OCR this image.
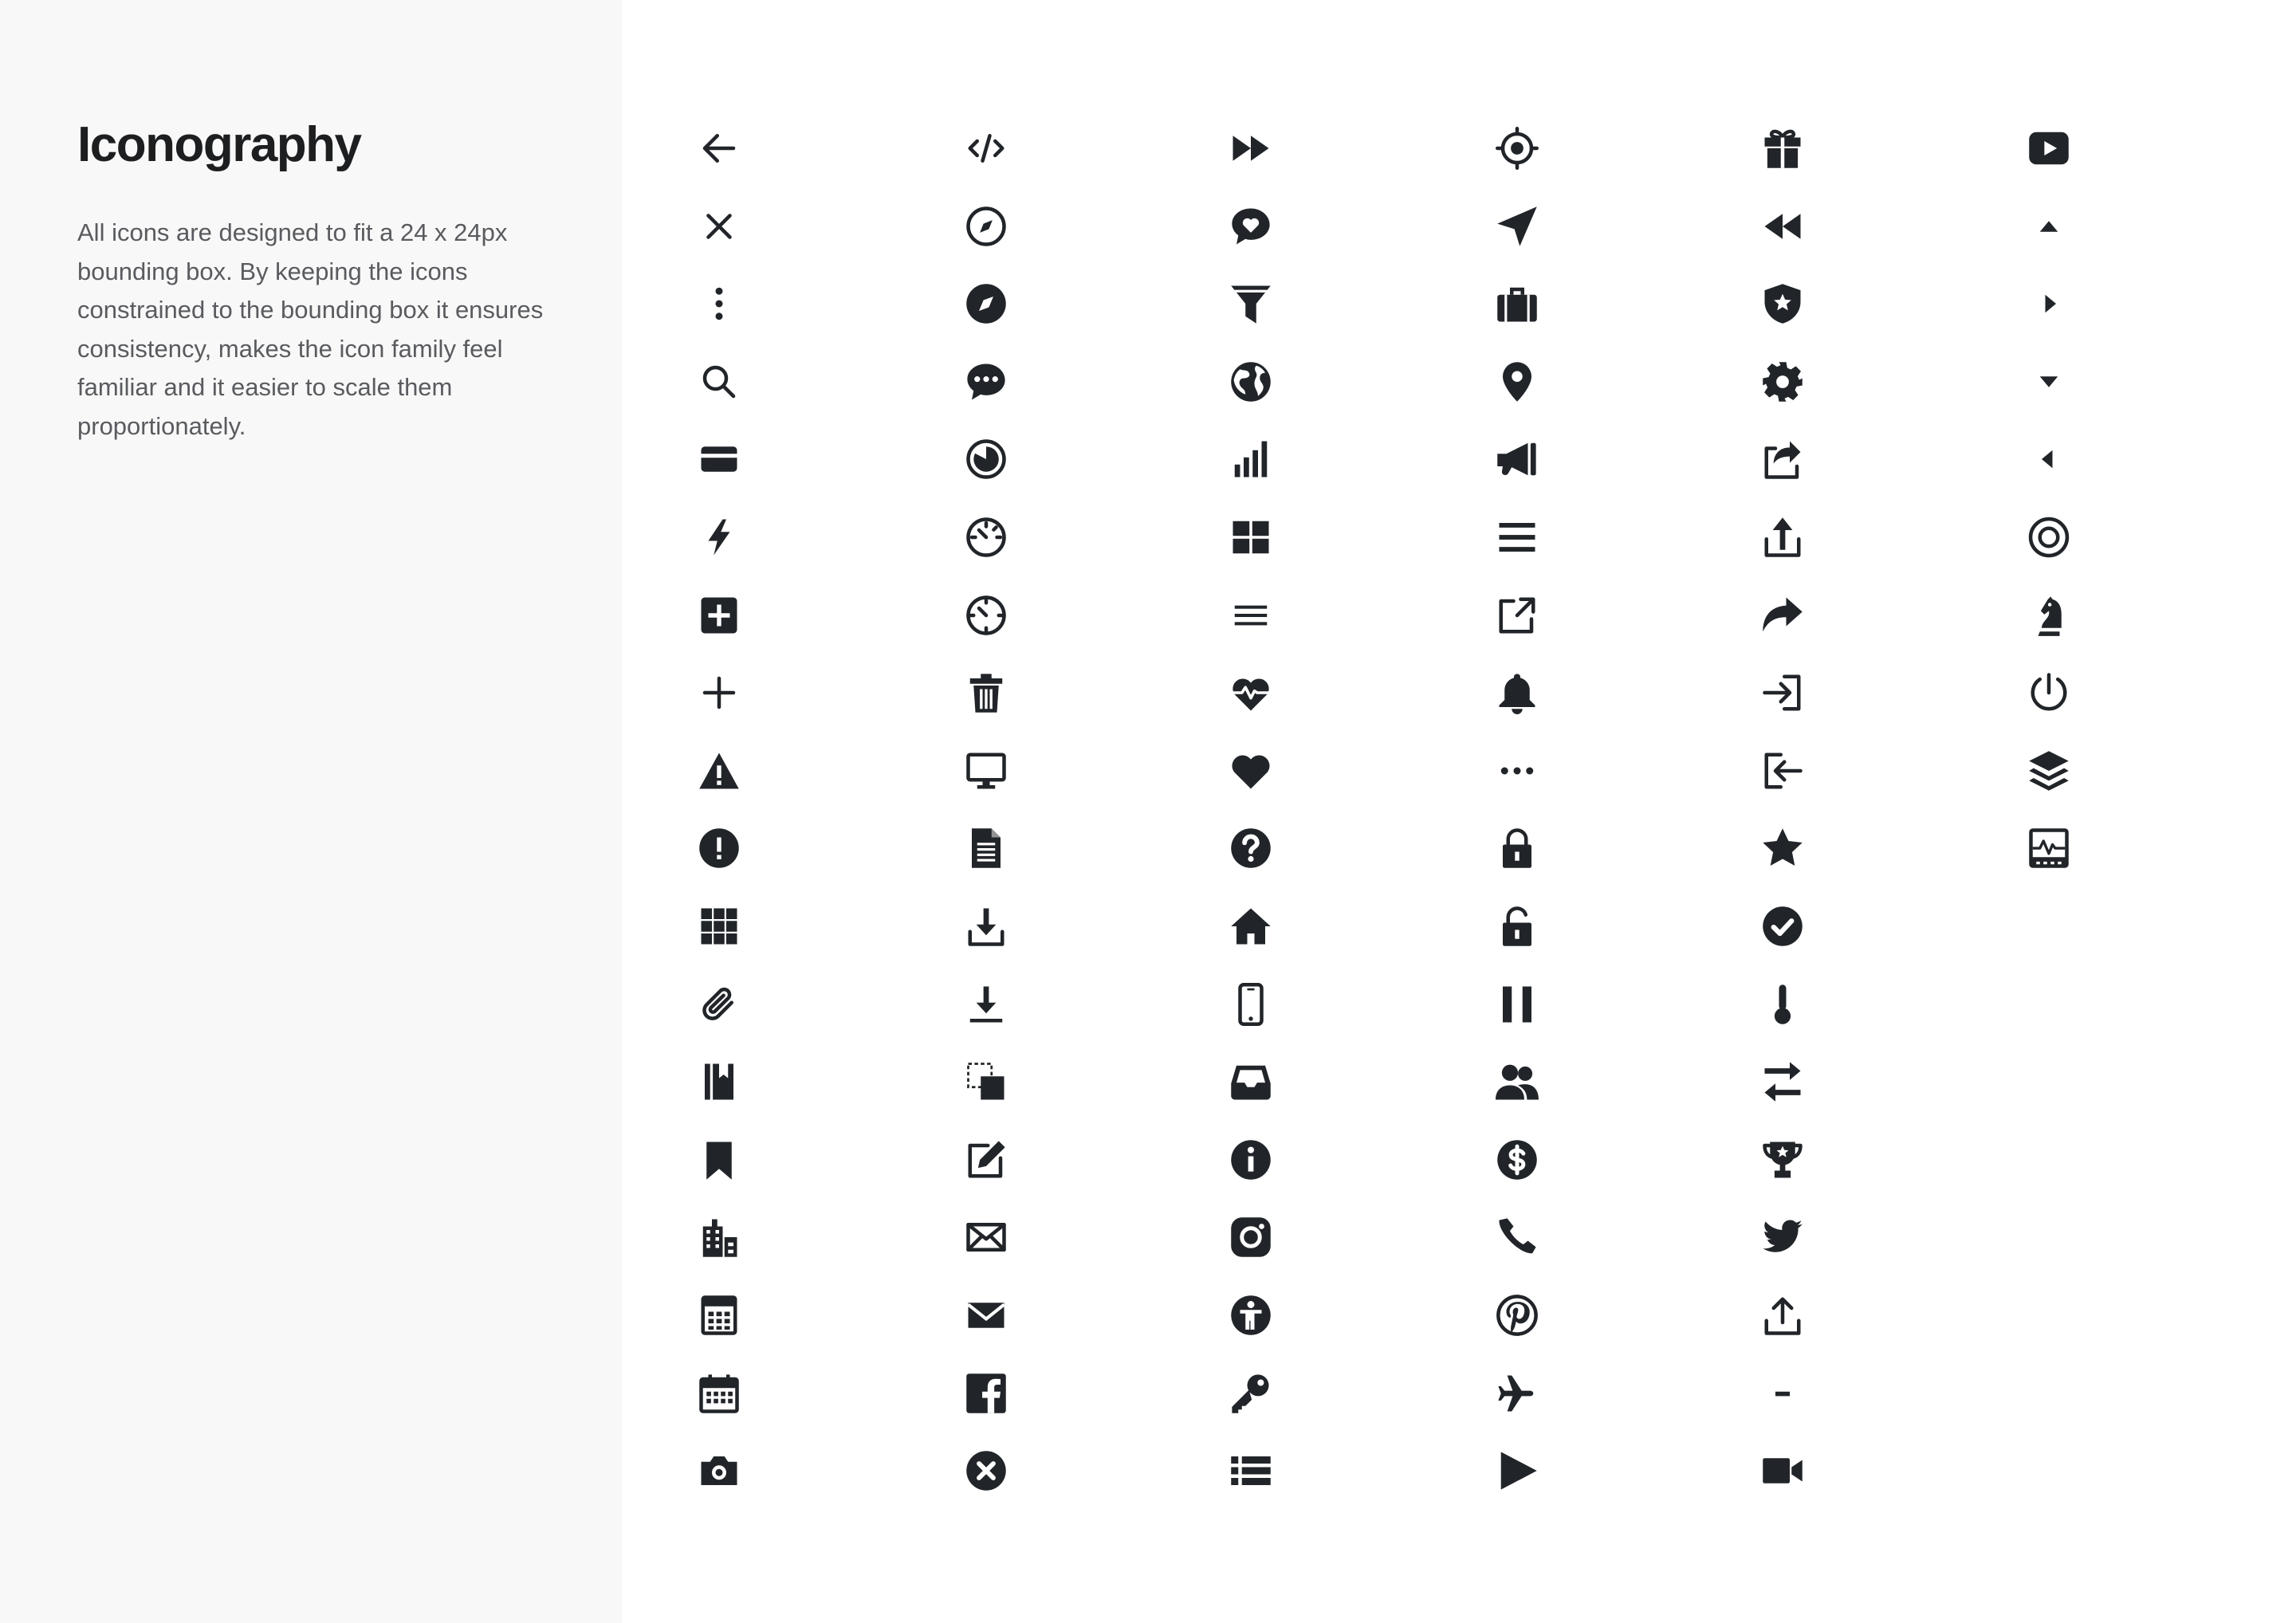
Iconography

All icons are designed to fit a 24 x 24px bounding box. By keeping the icons constrained to the bounding box it ensures consistency, makes the icon family feel familiar and it easier to scale them proportionately.
